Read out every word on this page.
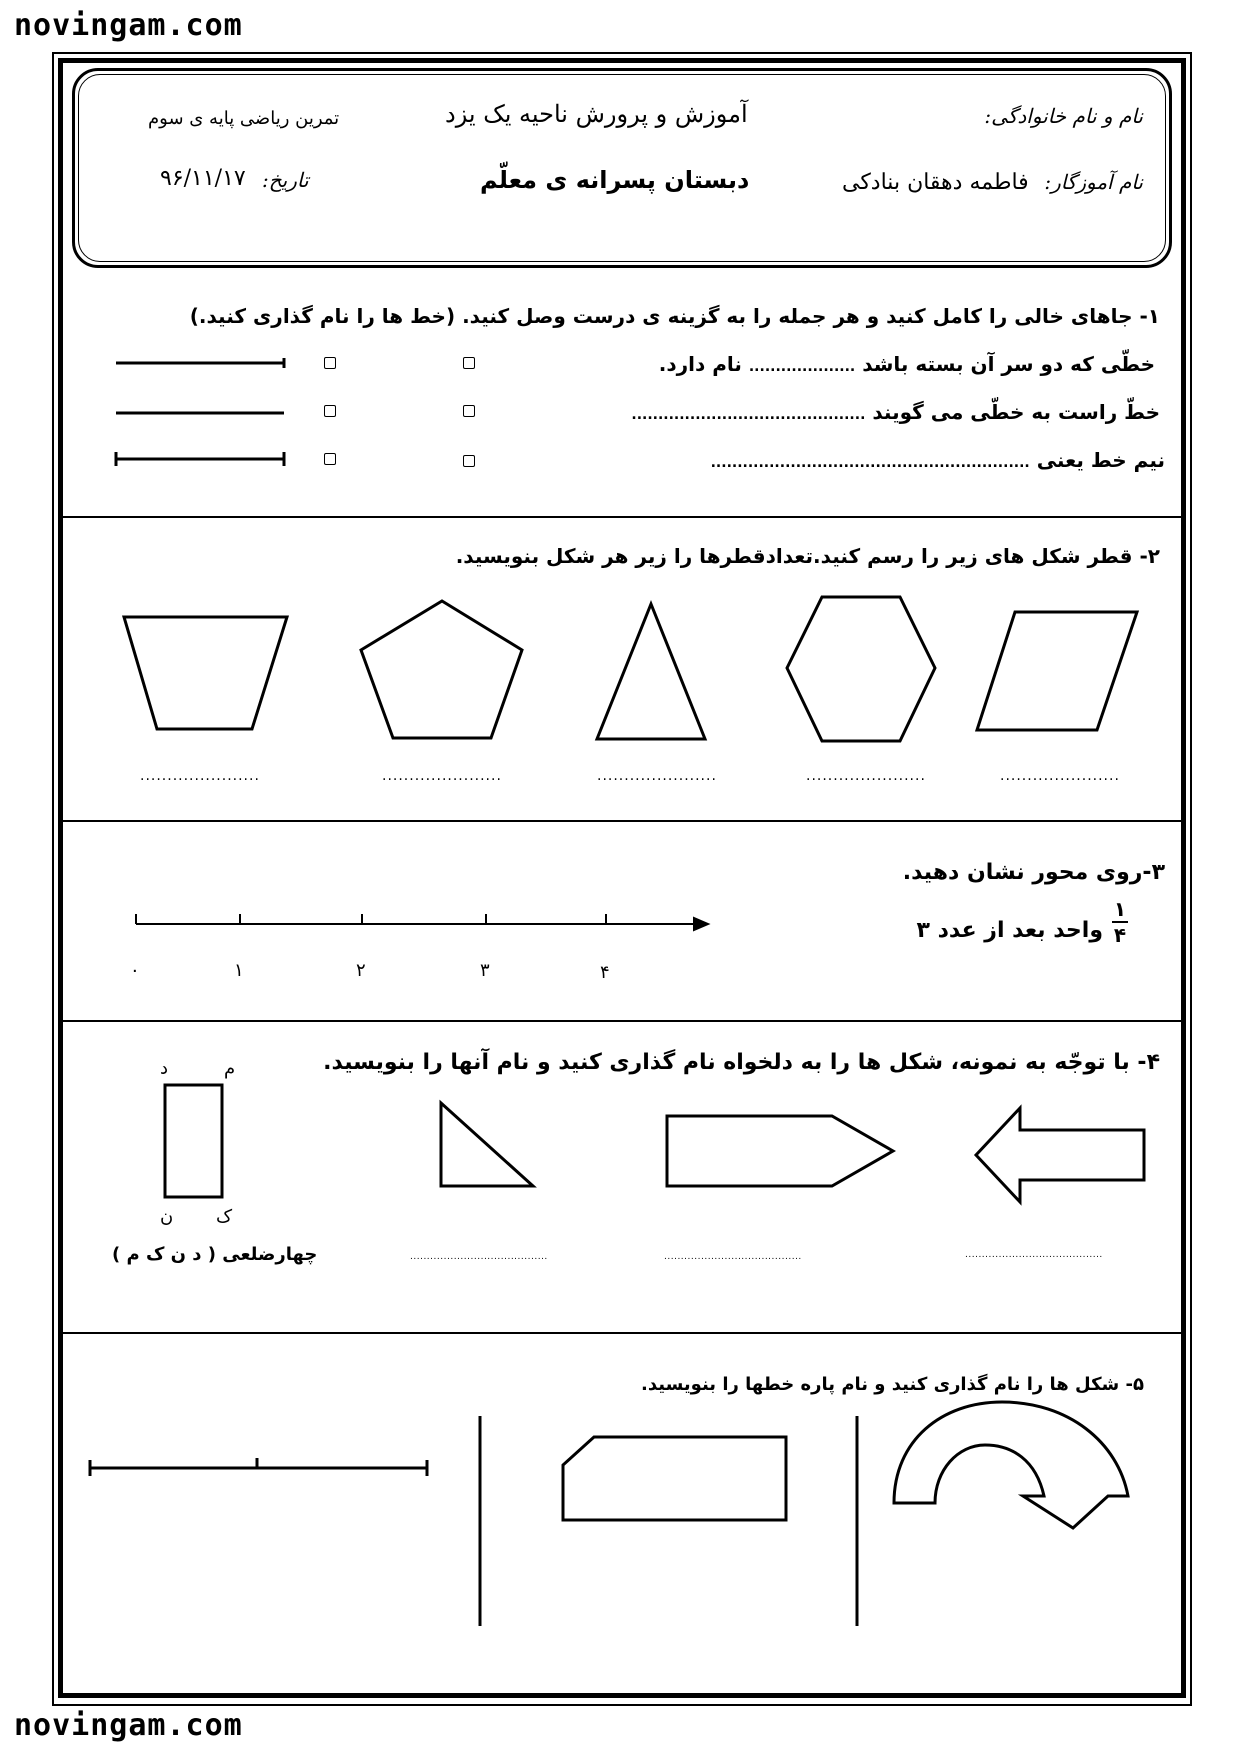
novingam.com
novingam.com
نام و نام خانوادگی:
آموزش و پرورش ناحیه یک یزد
تمرین ریاضی پایه ی سوم
نام آموزگار:
فاطمه دهقان بنادکی
دبستان پسرانه ی معلّم
تاریخ:
۹۶/۱۱/۱۷
۱- جاهای خالی را کامل کنید و هر جمله را به گزینه ی درست وصل کنید. (خط ها را نام گذاری کنید.)
خطّی که دو سر آن بسته باشد .................... نام دارد.
خطّ راست به خطّی می گویند ............................................
نیم خط یعنی ............................................................
۲- قطر شکل های زیر را رسم کنید.تعدادقطرها را زیر هر شکل بنویسید.
......................	......................	......................	......................	......................
۳-روی محور نشان دهید.
۱
۴
واحد بعد از عدد ۳
۰	۱	۲	۳	۴
۴- با توجّه به نمونه، شکل ها را به دلخواه نام گذاری کنید و نام آنها را بنویسید.
م
د
ک
ن
چهارضلعی ( د ن ک م )	.........................................	.........................................	.........................................
۵- شکل ها را نام گذاری کنید و نام پاره خطها را بنویسید.
